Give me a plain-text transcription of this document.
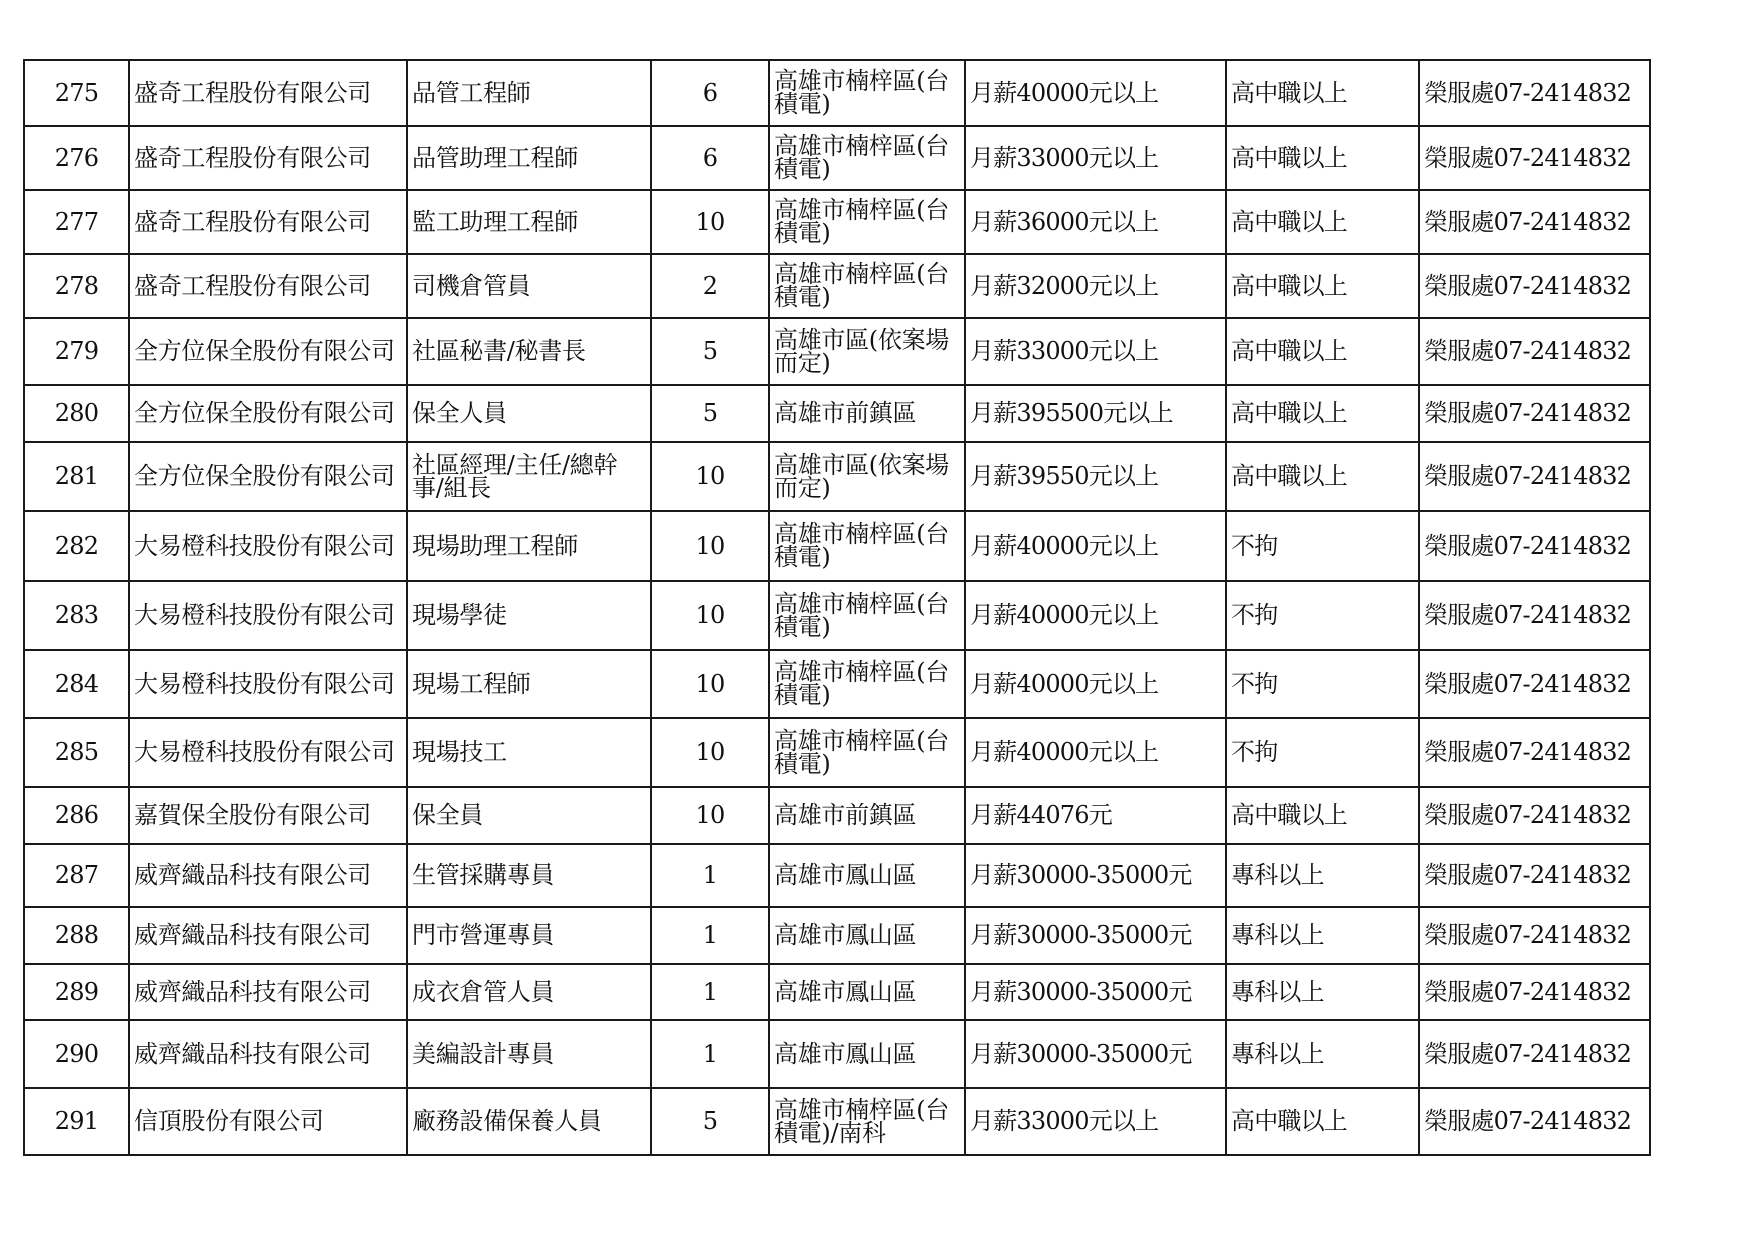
275	盛奇工程股份有限公司	品管工程師	6	高雄市楠梓區(台積電)	月薪40000元以上	高中職以上	榮服處07-2414832
276	盛奇工程股份有限公司	品管助理工程師	6	高雄市楠梓區(台積電)	月薪33000元以上	高中職以上	榮服處07-2414832
277	盛奇工程股份有限公司	監工助理工程師	10	高雄市楠梓區(台積電)	月薪36000元以上	高中職以上	榮服處07-2414832
278	盛奇工程股份有限公司	司機倉管員	2	高雄市楠梓區(台積電)	月薪32000元以上	高中職以上	榮服處07-2414832
279	全方位保全股份有限公司	社區秘書/秘書長	5	高雄市區(依案場而定)	月薪33000元以上	高中職以上	榮服處07-2414832
280	全方位保全股份有限公司	保全人員	5	高雄市前鎮區	月薪395500元以上	高中職以上	榮服處07-2414832
281	全方位保全股份有限公司	社區經理/主任/總幹事/組長	10	高雄市區(依案場而定)	月薪39550元以上	高中職以上	榮服處07-2414832
282	大易橙科技股份有限公司	現場助理工程師	10	高雄市楠梓區(台積電)	月薪40000元以上	不拘	榮服處07-2414832
283	大易橙科技股份有限公司	現場學徒	10	高雄市楠梓區(台積電)	月薪40000元以上	不拘	榮服處07-2414832
284	大易橙科技股份有限公司	現場工程師	10	高雄市楠梓區(台積電)	月薪40000元以上	不拘	榮服處07-2414832
285	大易橙科技股份有限公司	現場技工	10	高雄市楠梓區(台積電)	月薪40000元以上	不拘	榮服處07-2414832
286	嘉賀保全股份有限公司	保全員	10	高雄市前鎮區	月薪44076元	高中職以上	榮服處07-2414832
287	威齊織品科技有限公司	生管採購專員	1	高雄市鳳山區	月薪30000-35000元	專科以上	榮服處07-2414832
288	威齊織品科技有限公司	門市營運專員	1	高雄市鳳山區	月薪30000-35000元	專科以上	榮服處07-2414832
289	威齊織品科技有限公司	成衣倉管人員	1	高雄市鳳山區	月薪30000-35000元	專科以上	榮服處07-2414832
290	威齊織品科技有限公司	美編設計專員	1	高雄市鳳山區	月薪30000-35000元	專科以上	榮服處07-2414832
291	信頂股份有限公司	廠務設備保養人員	5	高雄市楠梓區(台積電)/南科	月薪33000元以上	高中職以上	榮服處07-2414832
